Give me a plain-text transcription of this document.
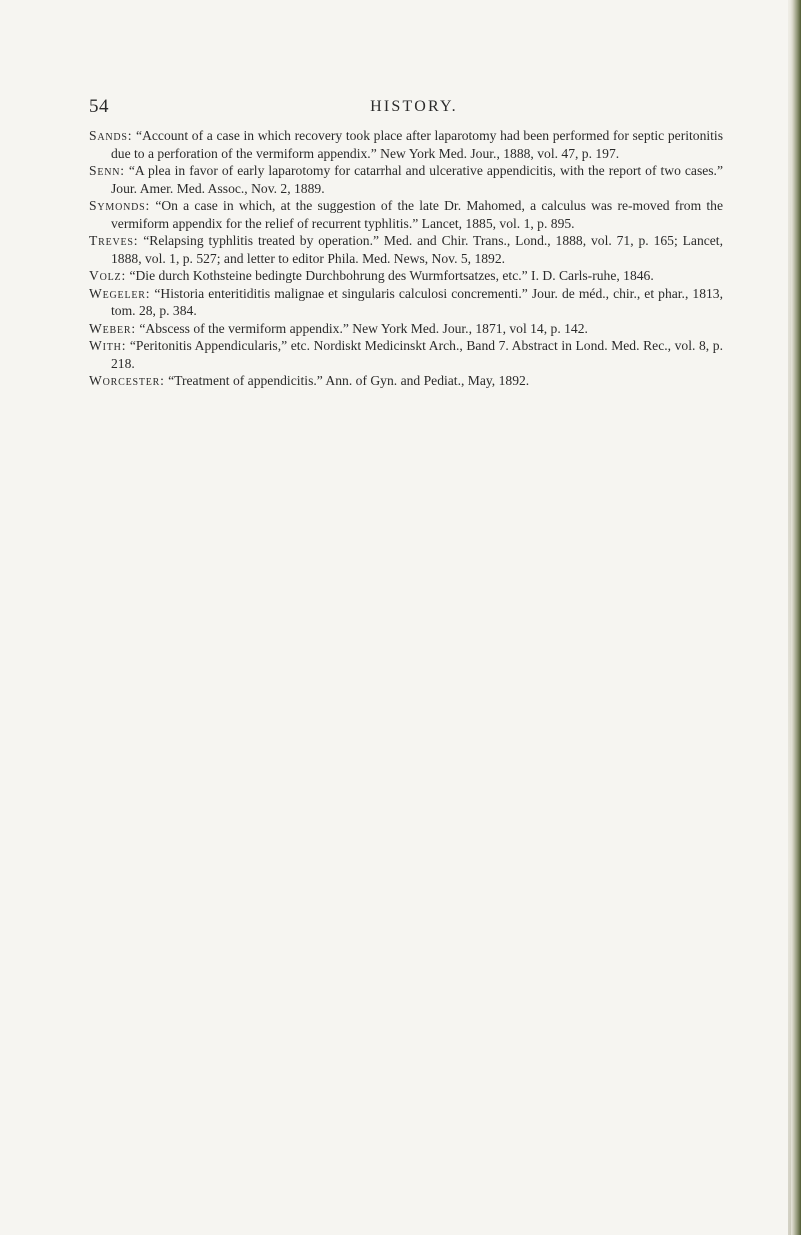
54	HISTORY.
Sands: “Account of a case in which recovery took place after laparotomy had been performed for septic peritonitis due to a perforation of the vermiform appendix.” New York Med. Jour., 1888, vol. 47, p. 197.
Senn: “A plea in favor of early laparotomy for catarrhal and ulcerative appendicitis, with the report of two cases.” Jour. Amer. Med. Assoc., Nov. 2, 1889.
Symonds: “On a case in which, at the suggestion of the late Dr. Mahomed, a calculus was re-moved from the vermiform appendix for the relief of recurrent typhlitis.” Lancet, 1885, vol. 1, p. 895.
Treves: “Relapsing typhlitis treated by operation.” Med. and Chir. Trans., Lond., 1888, vol. 71, p. 165; Lancet, 1888, vol. 1, p. 527; and letter to editor Phila. Med. News, Nov. 5, 1892.
Volz: “Die durch Kothsteine bedingte Durchbohrung des Wurmfortsatzes, etc.” I. D. Carls-ruhe, 1846.
Wegeler: “Historia enteritiditis malignae et singularis calculosi concrementi.” Jour. de méd., chir., et phar., 1813, tom. 28, p. 384.
Weber: “Abscess of the vermiform appendix.” New York Med. Jour., 1871, vol 14, p. 142.
With: “Peritonitis Appendicularis,” etc. Nordiskt Medicinskt Arch., Band 7. Abstract in Lond. Med. Rec., vol. 8, p. 218.
Worcester: “Treatment of appendicitis.” Ann. of Gyn. and Pediat., May, 1892.
